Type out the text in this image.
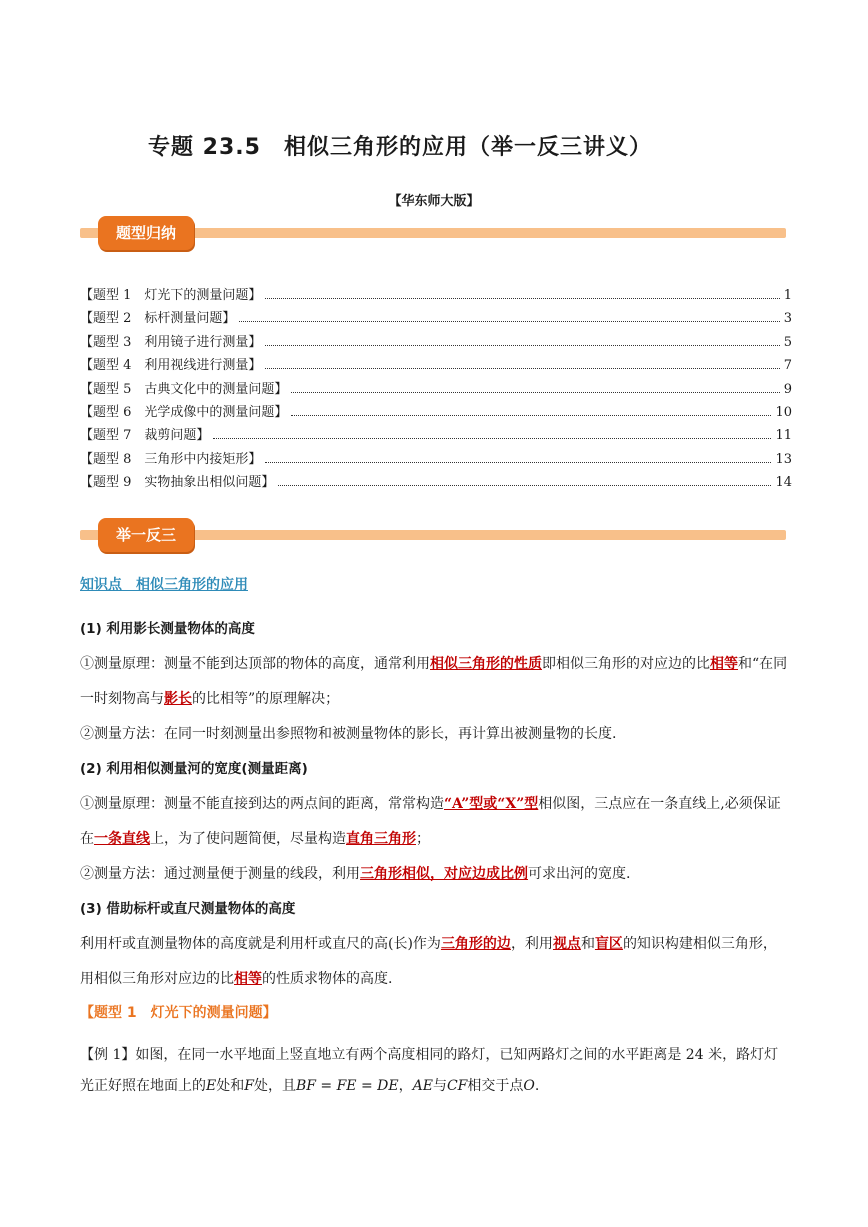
专题 23.5　相似三角形的应用（举一反三讲义）
【华东师大版】
题型归纳
【题型 1　灯光下的测量问题】	1
【题型 2　标杆测量问题】	3
【题型 3　利用镜子进行测量】	5
【题型 4　利用视线进行测量】	7
【题型 5　古典文化中的测量问题】	9
【题型 6　光学成像中的测量问题】	10
【题型 7　裁剪问题】	11
【题型 8　三角形中内接矩形】	13
【题型 9　实物抽象出相似问题】	14
举一反三
知识点　相似三角形的应用

(1) 利用影长测量物体的高度

①测量原理：测量不能到达顶部的物体的高度，通常利用相似三角形的性质即相似三角形的对应边的比相等和“在同一时刻物高与影长的比相等”的原理解决；

②测量方法：在同一时刻测量出参照物和被测量物体的影长，再计算出被测量物的长度.

(2) 利用相似测量河的宽度(测量距离)

①测量原理：测量不能直接到达的两点间的距离，常常构造“A”型或“X”型相似图，三点应在一条直线上,必须保证在一条直线上，为了使问题简便，尽量构造直角三角形；

②测量方法：通过测量便于测量的线段，利用三角形相似，对应边成比例可求出河的宽度.

(3) 借助标杆或直尺测量物体的高度

利用杆或直测量物体的高度就是利用杆或直尺的高(长)作为三角形的边，利用视点和盲区的知识构建相似三角形，用相似三角形对应边的比相等的性质求物体的高度.

【题型 1　灯光下的测量问题】

【例 1】如图，在同一水平地面上竖直地立有两个高度相同的路灯，已知两路灯之间的水平距离是 24 米，路灯灯光正好照在地面上的E处和F处，且BF = FE = DE，AE与CF相交于点O.
